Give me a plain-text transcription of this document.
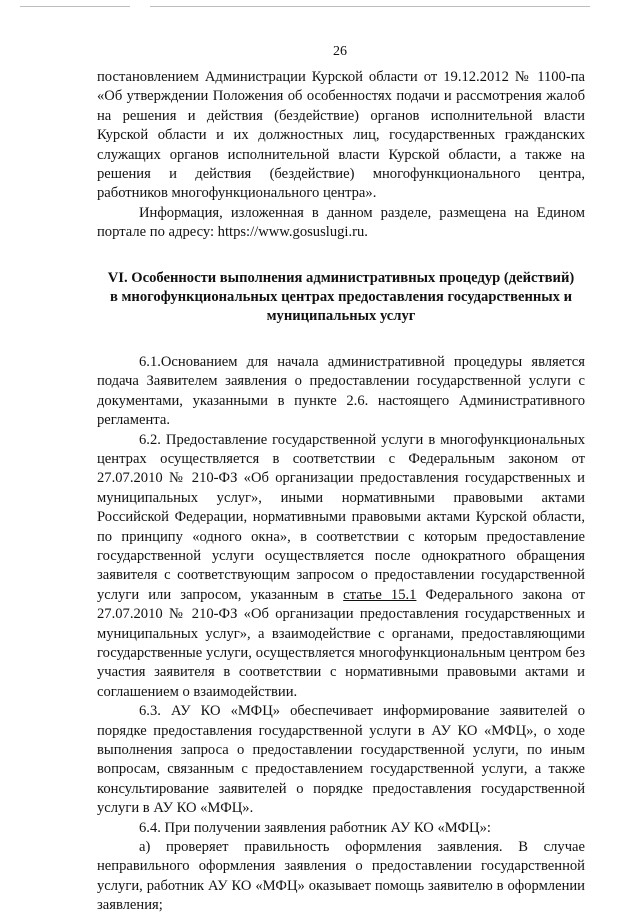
26

постановлением Администрации Курской области от 19.12.2012 № 1100-па «Об утверждении Положения об особенностях подачи и рассмотрения жалоб на решения и действия (бездействие) органов исполнительной власти Курской области и их должностных лиц, государственных гражданских служащих органов исполнительной власти Курской области, а также на решения и действия (бездействие) многофункционального центра, работников многофункционального центра».

Информация, изложенная в данном разделе, размещена на Едином портале по адресу: https://www.gosuslugi.ru.

VI. Особенности выполнения административных процедур (действий) в многофункциональных центрах предоставления государственных и муниципальных услуг

6.1.Основанием для начала административной процедуры является подача Заявителем заявления о предоставлении государственной услуги с документами, указанными в пункте 2.6. настоящего Административного регламента.

6.2. Предоставление государственной услуги в многофункциональных центрах осуществляется в соответствии с Федеральным законом от 27.07.2010 № 210-ФЗ «Об организации предоставления государственных и муниципальных услуг», иными нормативными правовыми актами Российской Федерации, нормативными правовыми актами Курской области, по принципу «одного окна», в соответствии с которым предоставление государственной услуги осуществляется после однократного обращения заявителя с соответствующим запросом о предоставлении государственной услуги или запросом, указанным в статье 15.1 Федерального закона от 27.07.2010 № 210-ФЗ «Об организации предоставления государственных и муниципальных услуг», а взаимодействие с органами, предоставляющими государственные услуги, осуществляется многофункциональным центром без участия заявителя в соответствии с нормативными правовыми актами и соглашением о взаимодействии.

6.3. АУ КО «МФЦ» обеспечивает информирование заявителей о порядке предоставления государственной услуги в АУ КО «МФЦ», о ходе выполнения запроса о предоставлении государственной услуги, по иным вопросам, связанным с предоставлением государственной услуги, а также консультирование заявителей о порядке предоставления государственной услуги в АУ КО «МФЦ».

6.4. При получении заявления работник АУ КО «МФЦ»:

а) проверяет правильность оформления заявления. В случае неправильного оформления заявления о предоставлении государственной услуги, работник АУ КО «МФЦ» оказывает помощь заявителю в оформлении заявления;
